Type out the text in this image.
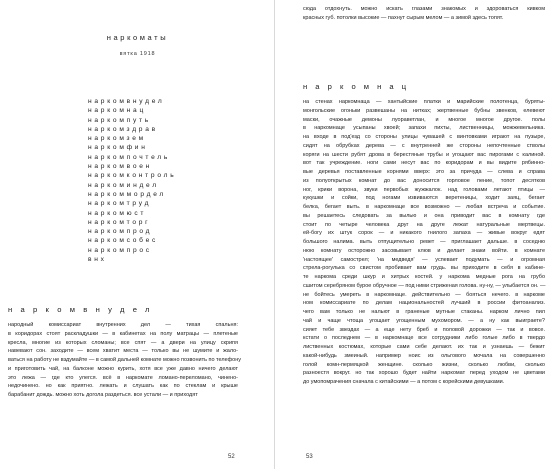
наркоматы
вятка 1918
наркомвнудел
наркомнац
наркомпуть
наркомздрав
наркомзем
наркомфин
наркомпочтель
наркомвоен
наркомконтроль
наркоминдел
наркоммордел
наркомтруд
наркомюст
наркомторг
наркомпрод
наркомсобес
наркомпрос
внх
наркомвнудел
народный комиссариат внутренних дел — тихая спальня:
в коридорах стоят раскладушки — в кабинетах на полу матрацы — плетеные
кресла, многие из которых сломаны; все спят — а двери на улицу скрипя
навевают сон. заходите — всем хватит места — только вы не шумите и жало-
ваться на работу не вздумайте — в самой дальней комнате можно позвонить по телефону
и приготовить чай, на балконе можно курить, хотя все уже давно ничего делают
это лежа — где кто улегся. всё в наркомате ломано-переломано, чиненo-
недочинено. но как приятно. лежать и слушать как по стеклам и крыше
барабанит дождь. можно хоть догола раздеться. все устали — и приходят
52
сюда отдохнуть. можно искать глазами знакомых и здороваться кивком
красных губ. потолки высокие — пахнут сырым мелом — а зимой здесь топят.
наркомнац
на стенах наркомнаца — хантыйские платки и марийские полотенца, буряты-
монгольские огоньки развешаны на нитках; жертвенные бубны звенков, елевеют
маски, очажные демоны луораветлан, и многое многое другое. полы
в наркомнаце усыпаны хвоей; запахи пихты, лиственницы, можжевельника.
на входе в под'езд со стороны улицы чувашей с винтовками играют на пузыре,
сидят на обрубках дерева — с внутренней же стороны непочтенные стволы
коряги на шести рубят дрова в берестяные трубы и угощают вас пирогами с калиной.
вот так учреждение. ноги сами несут вас по коридорам и вы видите рябинно-
вые деревья поставленные корнями вверх: это за причуда — слева и справа
из полуоткрытых комнат до вас доносится горловое пение, топот десятков
ног, крики ворона, звуки первобых жужжалок. над головами летают птицы —
кукушки и сойки, под ногами извиваются веретеницы, ходит заяц, бегает
белка, бегает выть. в наркомнаце все возможно — любая встреча и событие.
вы решаетесь следовать за вылью и она приводит вас в комнату где
стоит по четыре человека друг на друге лежат натуральные мертвецы.
ей-богу их штук сорок — и никакого гнилого запаха — живые вокруг едят
большого налима. выть отпущительно ревет — приглашает дальше. в соседню
нюю комнату осторожно засовывает клюв и делает знаки войти. в комнате
'настоящее' самострел; 'на медведя' — успевает подумать — и огромная
стрела-рогулька со свистом пробивает вам грудь. вы приходите в себя в кабине-
те наркома среди шкур и хитрых костей. у наркома медные рога на грубо
сшитом серебряном бурое обручное — под ними стриженая голова. ну-ну, — улыбается он. —
не бойтесь умереть в наркомнаце. действительно — бояться нечего. в наркоме
ном комиссариате по делам национальностей лучший в россии фитоанализ.
чего вам только не нальют в граненые мутные стаканы. нарком лично пил
чай и чаще чтоща угощает угощенным мухомором. — а ну как выиграете?
сияет тебе звездах — а еще нету бреб и половой дорожки — так и вовсе.
кстати о последнем — в наркомнаце все сотрудники либо голые либо в твердо
лиственных костюмах, которые сами себе делают. их так и узнаешь — бежит
какой-нибудь змеиный. например ноис из ольгового мочала на совершенно
голой комн-пермяцкой женщине. сколько жизни, сколько любви, сколько
разноестя вокруг. но так хорошо будет найти наркомат перед уходом не цветами
до умопомрачения сначала с китайскими — а потом с корейскими девушками.
53
